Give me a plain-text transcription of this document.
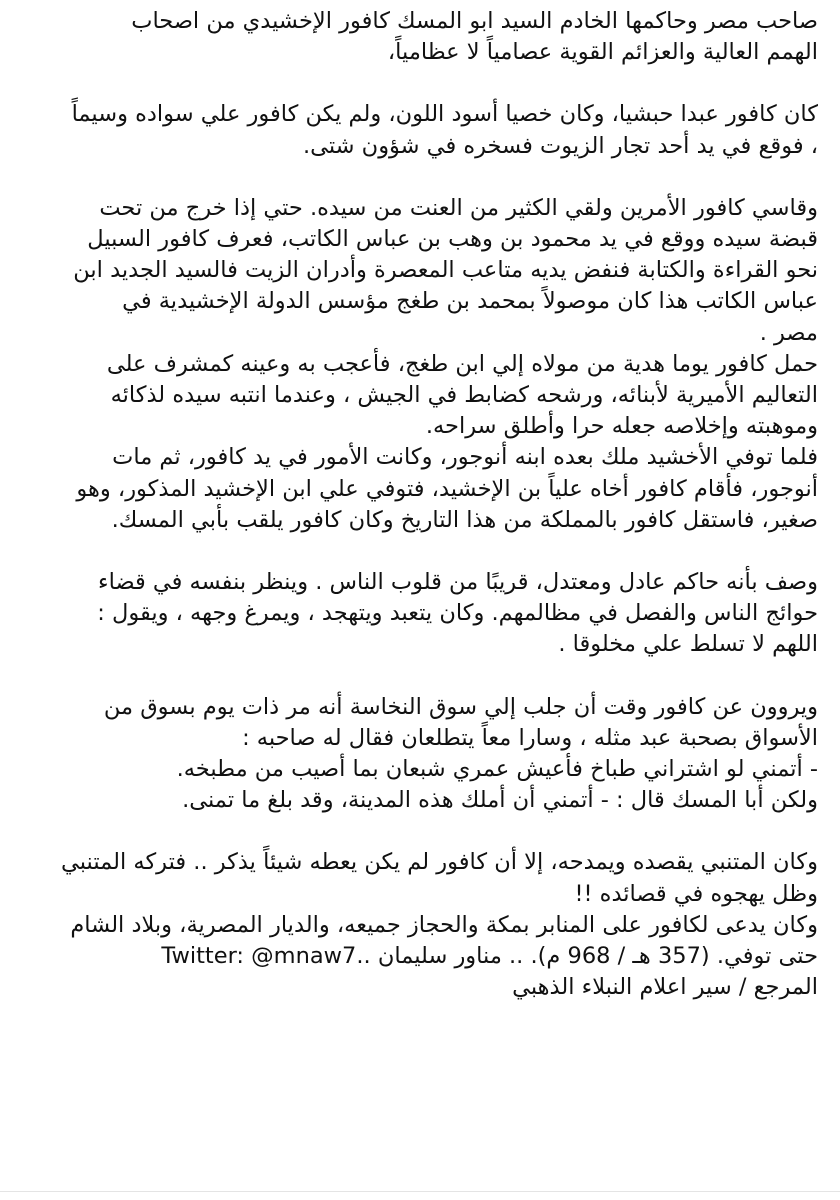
صاحب مصر وحاكمها الخادم السيد ابو المسك كافور الإخشيدي من اصحاب
الهمم العالية والعزائم القوية عصامياً لا عظامياً،

كان كافور عبدا حبشيا، وكان خصيا أسود اللون، ولم يكن كافور علي سواده وسيماً
، فوقع في يد أحد تجار الزيوت فسخره في شؤون شتى.

وقاسي كافور الأمرين ولقي الكثير من العنت من سيده. حتي إذا خرج من تحت
قبضة سيده ووقع في يد محمود بن وهب بن عباس الكاتب، فعرف كافور السبيل
نحو القراءة والكتابة فنفض يديه متاعب المعصرة وأدران الزيت فالسيد الجديد ابن
عباس الكاتب هذا كان موصولاً بمحمد بن طغج مؤسس الدولة الإخشيدية في
مصر .
حمل كافور يوما هدية من مولاه إلي ابن طغج، فأعجب به وعينه كمشرف على
التعاليم الأميرية لأبنائه، ورشحه كضابط في الجيش ، وعندما انتبه سيده لذكائه
وموهبته وإخلاصه جعله حرا وأطلق سراحه.
فلما توفي الأخشيد ملك بعده ابنه أنوجور، وكانت الأمور في يد كافور، ثم مات
أنوجور، فأقام كافور أخاه علياً بن الإخشيد، فتوفي علي ابن الإخشيد المذكور، وهو
صغير، فاستقل كافور بالمملكة من هذا التاريخ وكان كافور يلقب بأبي المسك.

وصف بأنه حاكم عادل ومعتدل، قريبًا من قلوب الناس . وينظر بنفسه في قضاء
حوائج الناس والفصل في مظالمهم. وكان يتعبد ويتهجد ، ويمرغ وجهه ، ويقول :
اللهم لا تسلط علي مخلوقا .

ويروون عن كافور وقت أن جلب إلي سوق النخاسة أنه مر ذات يوم بسوق من
الأسواق بصحبة عبد مثله ، وسارا معاً يتطلعان فقال له صاحبه :
- أتمني لو اشتراني طباخ فأعيش عمري شبعان بما أصيب من مطبخه.
ولكن أبا المسك قال : - أتمني أن أملك هذه المدينة، وقد بلغ ما تمنى.

وكان المتنبي يقصده ويمدحه، إلا أن كافور لم يكن يعطه شيئاً يذكر .. فتركه المتنبي
وظل يهجوه في قصائده !!
وكان يدعى لكافور على المنابر بمكة والحجاز جميعه، والديار المصرية، وبلاد الشام
حتى توفي. (357 هـ / 968 م). .. مناور سليمان ..Twitter: @mnaw7
المرجع / سير اعلام النبلاء الذهبي
